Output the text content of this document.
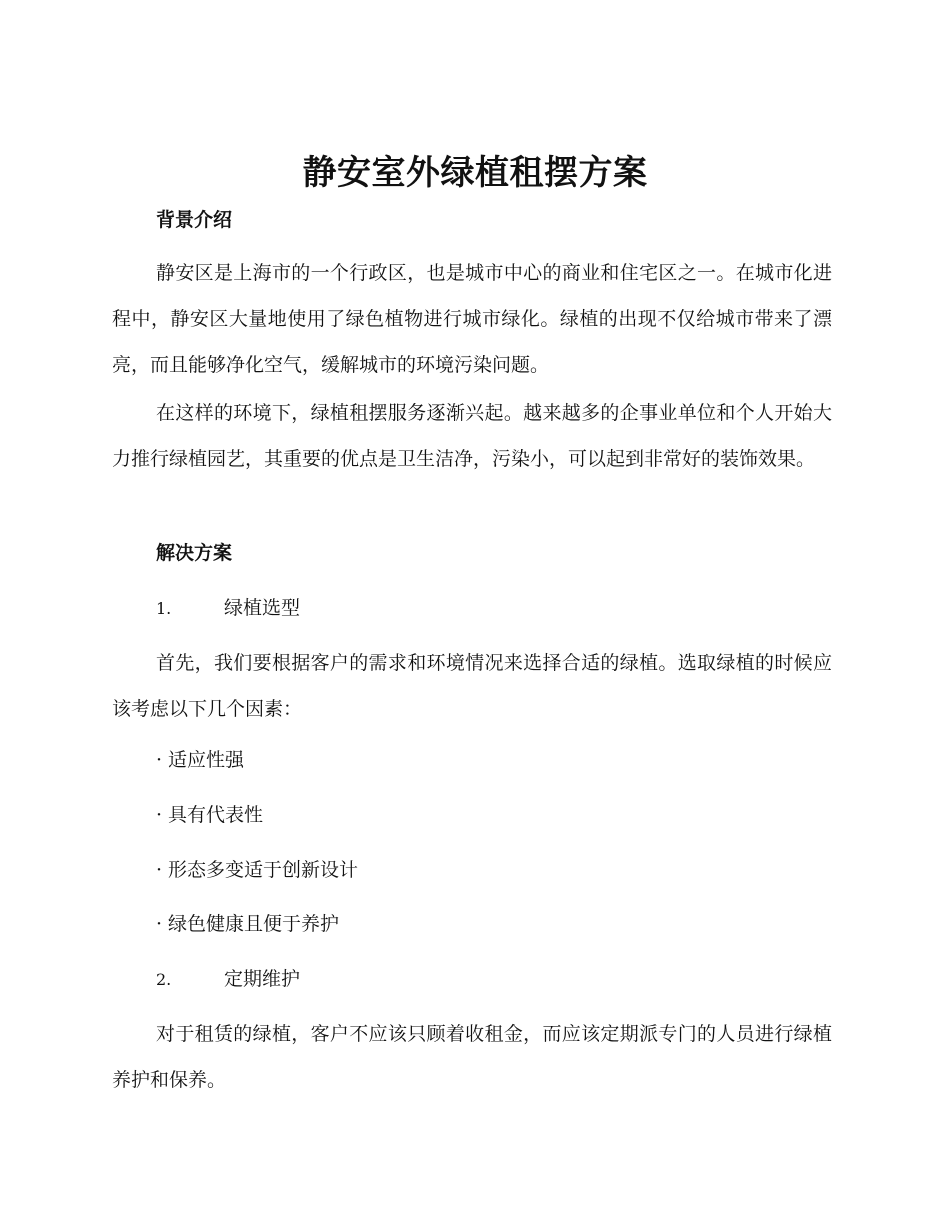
静安室外绿植租摆方案
背景介绍
静安区是上海市的一个行政区，也是城市中心的商业和住宅区之一。在城市化进程中，静安区大量地使用了绿色植物进行城市绿化。绿植的出现不仅给城市带来了漂亮，而且能够净化空气，缓解城市的环境污染问题。
在这样的环境下，绿植租摆服务逐渐兴起。越来越多的企事业单位和个人开始大力推行绿植园艺，其重要的优点是卫生洁净，污染小，可以起到非常好的装饰效果。
解决方案
1.	绿植选型
首先，我们要根据客户的需求和环境情况来选择合适的绿植。选取绿植的时候应该考虑以下几个因素：
· 适应性强
· 具有代表性
· 形态多变适于创新设计
· 绿色健康且便于养护
2.	定期维护
对于租赁的绿植，客户不应该只顾着收租金，而应该定期派专门的人员进行绿植养护和保养。
